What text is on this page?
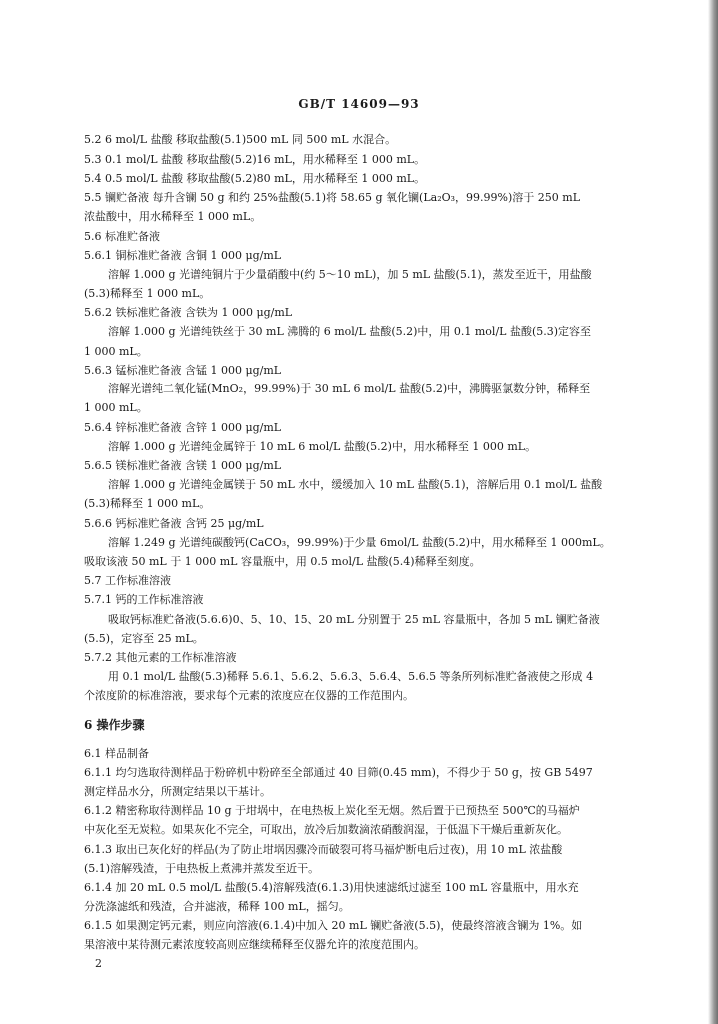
GB/T 14609—93
5.2 6 mol/L 盐酸 移取盐酸(5.1)500 mL 同 500 mL 水混合。
5.3 0.1 mol/L 盐酸 移取盐酸(5.2)16 mL，用水稀释至 1 000 mL。
5.4 0.5 mol/L 盐酸 移取盐酸(5.2)80 mL，用水稀释至 1 000 mL。
5.5 镧贮备液 每升含镧 50 g 和约 25%盐酸(5.1)将 58.65 g 氧化镧(La₂O₃，99.99%)溶于 250 mL
浓盐酸中，用水稀释至 1 000 mL。
5.6 标准贮备液
5.6.1 铜标准贮备液 含铜 1 000 μg/mL
溶解 1.000 g 光谱纯铜片于少量硝酸中(约 5～10 mL)，加 5 mL 盐酸(5.1)，蒸发至近干，用盐酸
(5.3)稀释至 1 000 mL。
5.6.2 铁标准贮备液 含铁为 1 000 μg/mL
溶解 1.000 g 光谱纯铁丝于 30 mL 沸腾的 6 mol/L 盐酸(5.2)中，用 0.1 mol/L 盐酸(5.3)定容至
1 000 mL。
5.6.3 锰标准贮备液 含锰 1 000 μg/mL
溶解光谱纯二氧化锰(MnO₂，99.99%)于 30 mL 6 mol/L 盐酸(5.2)中，沸腾驱氯数分钟，稀释至
1 000 mL。
5.6.4 锌标准贮备液 含锌 1 000 μg/mL
溶解 1.000 g 光谱纯金属锌于 10 mL 6 mol/L 盐酸(5.2)中，用水稀释至 1 000 mL。
5.6.5 镁标准贮备液 含镁 1 000 μg/mL
溶解 1.000 g 光谱纯金属镁于 50 mL 水中，缓缓加入 10 mL 盐酸(5.1)，溶解后用 0.1 mol/L 盐酸
(5.3)稀释至 1 000 mL。
5.6.6 钙标准贮备液 含钙 25 μg/mL
溶解 1.249 g 光谱纯碳酸钙(CaCO₃，99.99%)于少量 6mol/L 盐酸(5.2)中，用水稀释至 1 000mL。
吸取该液 50 mL 于 1 000 mL 容量瓶中，用 0.5 mol/L 盐酸(5.4)稀释至刻度。
5.7 工作标准溶液
5.7.1 钙的工作标准溶液
吸取钙标准贮备液(5.6.6)0、5、10、15、20 mL 分别置于 25 mL 容量瓶中，各加 5 mL 镧贮备液
(5.5)，定容至 25 mL。
5.7.2 其他元素的工作标准溶液
用 0.1 mol/L 盐酸(5.3)稀释 5.6.1、5.6.2、5.6.3、5.6.4、5.6.5 等条所列标准贮备液使之形成 4
个浓度阶的标准溶液，要求每个元素的浓度应在仪器的工作范围内。
6 操作步骤
6.1 样品制备
6.1.1 均匀选取待测样品于粉碎机中粉碎至全部通过 40 目筛(0.45 mm)，不得少于 50 g，按 GB 5497
测定样品水分，所测定结果以干基计。
6.1.2 精密称取待测样品 10 g 于坩埚中，在电热板上炭化至无烟。然后置于已预热至 500℃的马福炉
中灰化至无炭粒。如果灰化不完全，可取出，放冷后加数滴浓硝酸润湿，于低温下干燥后重新灰化。
6.1.3 取出已灰化好的样品(为了防止坩埚因骤冷而破裂可将马福炉断电后过夜)，用 10 mL 浓盐酸
(5.1)溶解残渣，于电热板上煮沸并蒸发至近干。
6.1.4 加 20 mL 0.5 mol/L 盐酸(5.4)溶解残渣(6.1.3)用快速滤纸过滤至 100 mL 容量瓶中，用水充
分洗涤滤纸和残渣，合并滤液，稀释 100 mL，摇匀。
6.1.5 如果测定钙元素，则应向溶液(6.1.4)中加入 20 mL 镧贮备液(5.5)，使最终溶液含镧为 1%。如
果溶液中某待测元素浓度较高则应继续稀释至仪器允许的浓度范围内。
2
